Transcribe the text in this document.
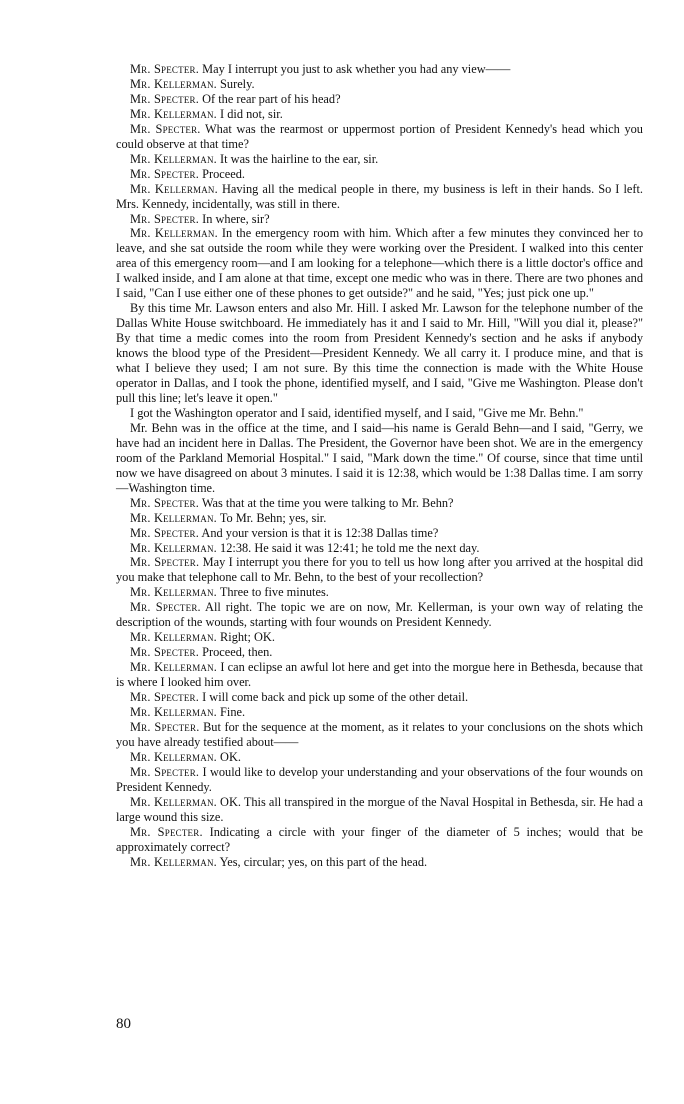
Mr. Specter. May I interrupt you just to ask whether you had any view——

Mr. Kellerman. Surely.

Mr. Specter. Of the rear part of his head?

Mr. Kellerman. I did not, sir.

Mr. Specter. What was the rearmost or uppermost portion of President Kennedy's head which you could observe at that time?

Mr. Kellerman. It was the hairline to the ear, sir.

Mr. Specter. Proceed.

Mr. Kellerman. Having all the medical people in there, my business is left in their hands. So I left. Mrs. Kennedy, incidentally, was still in there.

Mr. Specter. In where, sir?

Mr. Kellerman. In the emergency room with him. Which after a few minutes they convinced her to leave, and she sat outside the room while they were working over the President. I walked into this center area of this emergency room—and I am looking for a telephone—which there is a little doctor's office and I walked inside, and I am alone at that time, except one medic who was in there. There are two phones and I said, "Can I use either one of these phones to get outside?" and he said, "Yes; just pick one up."

By this time Mr. Lawson enters and also Mr. Hill. I asked Mr. Lawson for the telephone number of the Dallas White House switchboard. He immediately has it and I said to Mr. Hill, "Will you dial it, please?" By that time a medic comes into the room from President Kennedy's section and he asks if anybody knows the blood type of the President—President Kennedy. We all carry it. I produce mine, and that is what I believe they used; I am not sure. By this time the connection is made with the White House operator in Dallas, and I took the phone, identified myself, and I said, "Give me Washington. Please don't pull this line; let's leave it open."

I got the Washington operator and I said, identified myself, and I said, "Give me Mr. Behn."

Mr. Behn was in the office at the time, and I said—his name is Gerald Behn—and I said, "Gerry, we have had an incident here in Dallas. The President, the Governor have been shot. We are in the emergency room of the Parkland Memorial Hospital." I said, "Mark down the time." Of course, since that time until now we have disagreed on about 3 minutes. I said it is 12:38, which would be 1:38 Dallas time. I am sorry—Washington time.

Mr. Specter. Was that at the time you were talking to Mr. Behn?

Mr. Kellerman. To Mr. Behn; yes, sir.

Mr. Specter. And your version is that it is 12:38 Dallas time?

Mr. Kellerman. 12:38. He said it was 12:41; he told me the next day.

Mr. Specter. May I interrupt you there for you to tell us how long after you arrived at the hospital did you make that telephone call to Mr. Behn, to the best of your recollection?

Mr. Kellerman. Three to five minutes.

Mr. Specter. All right. The topic we are on now, Mr. Kellerman, is your own way of relating the description of the wounds, starting with four wounds on President Kennedy.

Mr. Kellerman. Right; OK.

Mr. Specter. Proceed, then.

Mr. Kellerman. I can eclipse an awful lot here and get into the morgue here in Bethesda, because that is where I looked him over.

Mr. Specter. I will come back and pick up some of the other detail.

Mr. Kellerman. Fine.

Mr. Specter. But for the sequence at the moment, as it relates to your conclusions on the shots which you have already testified about——

Mr. Kellerman. OK.

Mr. Specter. I would like to develop your understanding and your observations of the four wounds on President Kennedy.

Mr. Kellerman. OK. This all transpired in the morgue of the Naval Hospital in Bethesda, sir. He had a large wound this size.

Mr. Specter. Indicating a circle with your finger of the diameter of 5 inches; would that be approximately correct?

Mr. Kellerman. Yes, circular; yes, on this part of the head.

80
